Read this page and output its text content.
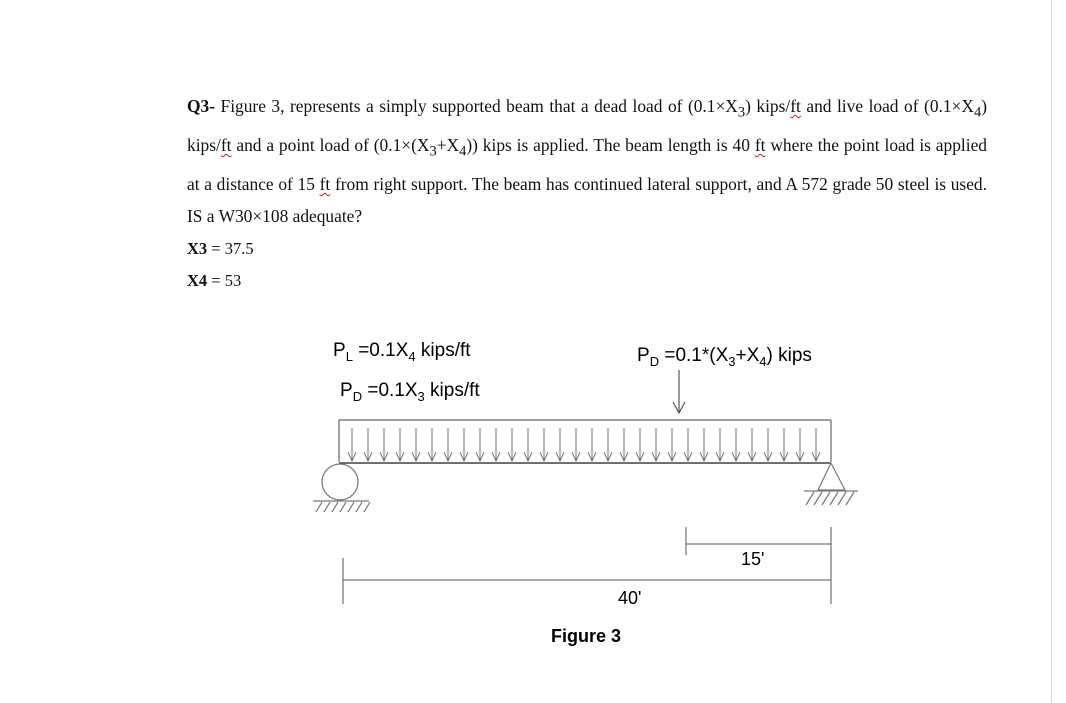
Q3- Figure 3, represents a simply supported beam that a dead load of $(0.1\times X_3)$ kips/ft and live load of $(0.1\times X_4)$ kips/ft and a point load of $(0.1\times(X_3+X_4))$ kips is applied. The beam length is 40 ft where the point load is applied at a distance of 15 ft from right support. The beam has continued lateral support, and A 572 grade 50 steel is used. IS a W30×108 adequate?

X3 = 37.5

X4 = 53

$P_L =0.1X_4$ kips/ft
$P_D =0.1X_3$ kips/ft
$P_D =0.1*(X_3+X_4)$ kips
15'
40'
Figure 3
